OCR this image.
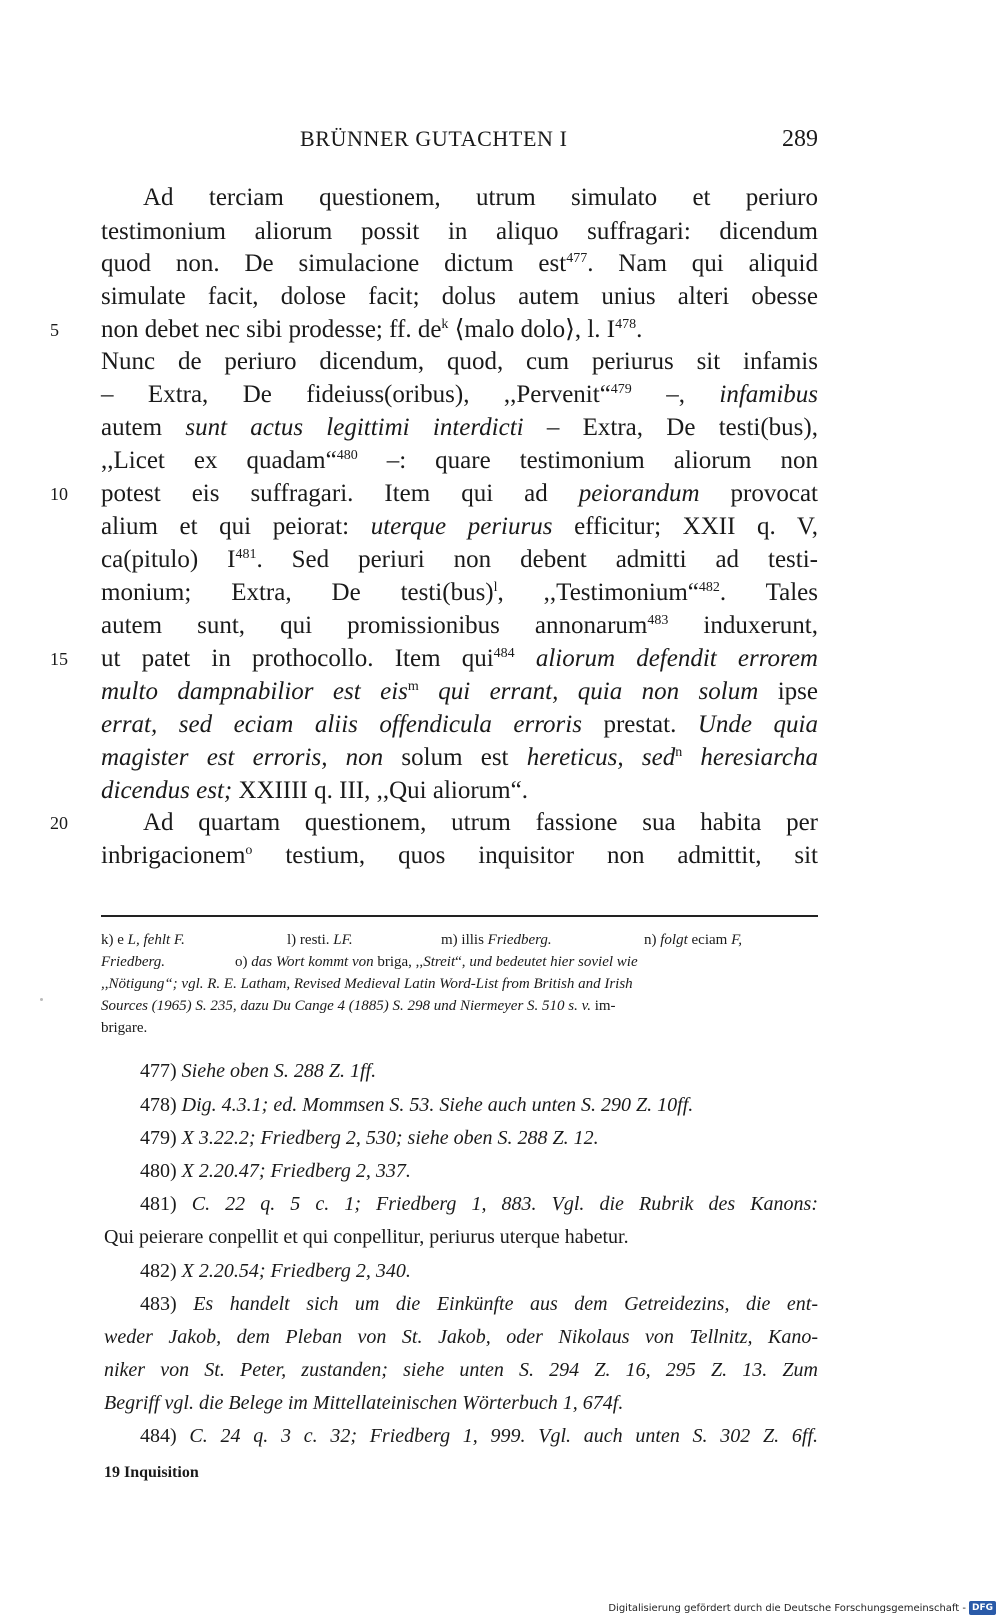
BRÜNNER GUTACHTEN I	289
5
10
15
20
Ad terciam questionem, utrum simulato et periuro
testimonium aliorum possit in aliquo suffragari: dicendum
quod non. De simulacione dictum est$^{477}$. Nam qui aliquid
simulate facit, dolose facit; dolus autem unius alteri obesse
non debet nec sibi prodesse; ff. $de^k$ ⟨malo dolo⟩, l. $I^{478}$.
Nunc de periuro dicendum, quod, cum periurus sit infamis
– Extra, De fideiuss(oribus), ,,Pervenit“$^{479}$ –, infamibus
autem sunt actus legittimi interdicti – Extra, De testi(bus),
,,Licet ex quadam“$^{480}$ –: quare testimonium aliorum non
potest eis suffragari. Item qui ad peiorandum provocat
alium et qui peiorat: uterque periurus efficitur; XXII q. V,
ca(pitulo) $I^{481}$. Sed periuri non debent admitti ad testi-
monium; Extra, De testi(bus)$^l$, ,,Testimonium“$^{482}$. Tales
autem sunt, qui promissionibus annonarum$^{483}$ induxerunt,
ut patet in prothocollo. Item qui$^{484}$ aliorum defendit errorem
multo dampnabilior est eis$^m$ qui errant, quia non solum ipse
errat, sed eciam aliis offendicula erroris prestat. Unde quia
magister est erroris, non solum est hereticus, sed$^n$ heresiarcha
dicendus est; XXIIII q. III, ,,Qui aliorum“.
Ad quartam questionem, utrum fassione sua habita per
inbrigacionem$^o$ testium, quos inquisitor non admittit, sit
k) e L, fehlt F.	l) resti. LF.	m) illis Friedberg.	n) folgt eciam F,
Friedberg.	o) das Wort kommt von briga, ,,Streit“, und bedeutet hier soviel wie
,,Nötigung“; vgl. R. E. Latham, Revised Medieval Latin Word-List from British and Irish
Sources (1965) S. 235, dazu Du Cange 4 (1885) S. 298 und Niermeyer S. 510 s. v. im-
brigare.
477) Siehe oben S. 288 Z. 1ff.
478) Dig. 4.3.1; ed. Mommsen S. 53. Siehe auch unten S. 290 Z. 10ff.
479) X 3.22.2; Friedberg 2, 530; siehe oben S. 288 Z. 12.
480) X 2.20.47; Friedberg 2, 337.
481) C. 22 q. 5 c. 1; Friedberg 1, 883. Vgl. die Rubrik des Kanons:
Qui peierare conpellit et qui conpellitur, periurus uterque habetur.
482) X 2.20.54; Friedberg 2, 340.
483) Es handelt sich um die Einkünfte aus dem Getreidezins, die ent-
weder Jakob, dem Pleban von St. Jakob, oder Nikolaus von Tellnitz, Kano-
niker von St. Peter, zustanden; siehe unten S. 294 Z. 16, 295 Z. 13. Zum
Begriff vgl. die Belege im Mittellateinischen Wörterbuch 1, 674f.
484) C. 24 q. 3 c. 32; Friedberg 1, 999. Vgl. auch unten S. 302 Z. 6ff.
19 Inquisition
Digitalisierung gefördert durch die Deutsche Forschungsgemeinschaft - DFG
